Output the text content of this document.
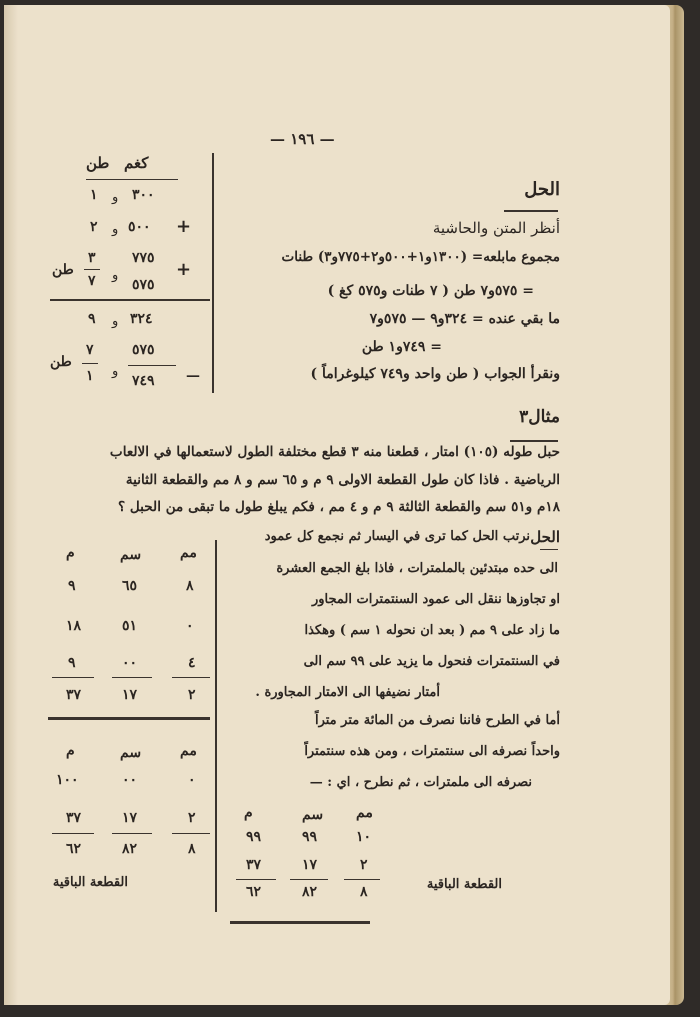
— ١٩٦ —
الحل
أنظر المتن والحاشية
مجموع مابلعه= (١٣٠٠و١+٥٠٠و٢+٧٧٥و٣) طنات
= ٥٧٥و٧ طن ( ٧ طنات و٥٧٥ كغ )
ما بقي عنده = ٣٢٤و٩ — ٥٧٥و٧
= ٧٤٩و١ طن
ونقرأ الجواب ( طن واحد و٧٤٩ كيلوغراماً )
كغم
طن
٣٠٠
و
١
+
٥٠٠
و
٢
+
٧٧٥
٥٧٥
و
٣
٧
طن
٣٢٤
و
٩
—
٥٧٥
٧٤٩
و
٧
١
طن
مثال٣
حبل طوله (١٠٥) امتار ، قطعنا منه ٣ قطع مختلفة الطول لاستعمالها في الالعاب
الرياضية . فاذا كان طول القطعة الاولى ٩ م و ٦٥ سم و ٨ مم والقطعة الثانية
١٨م و٥١ سم والقطعة الثالثة ٩ م و ٤ مم ، فكم يبلغ طول ما تبقى من الحبل ؟
الحل
نرتب الحل كما ترى في اليسار ثم نجمع كل عمود
الى حده مبتدئين بالملمترات ، فاذا بلغ الجمع العشرة
او تجاوزها ننقل الى عمود السنتمترات المجاور
ما زاد على ٩ مم ( بعد ان نحوله ١ سم ) وهكذا
في السنتمترات فنحول ما يزيد على ٩٩ سم الى
أمتار نضيفها الى الامتار المجاورة .
أما في الطرح فاننا نصرف من المائة متر متراً
واحداً نصرفه الى سنتمترات ، ومن هذه سنتمتراً
نصرفه الى ملمترات ، ثم نطرح ، اي : —
مم
سم
م
٨
٦٥
٩
٠
٥١
١٨
٤
٠٠
٩
٢
١٧
٣٧
مم
سم
م
٠
٠٠
١٠٠
٢
١٧
٣٧
٨
٨٢
٦٢
القطعة الباقية
مم
سم
م
١٠
٩٩
٩٩
٢
١٧
٣٧
٨
٨٢
٦٢	القطعة الباقية
